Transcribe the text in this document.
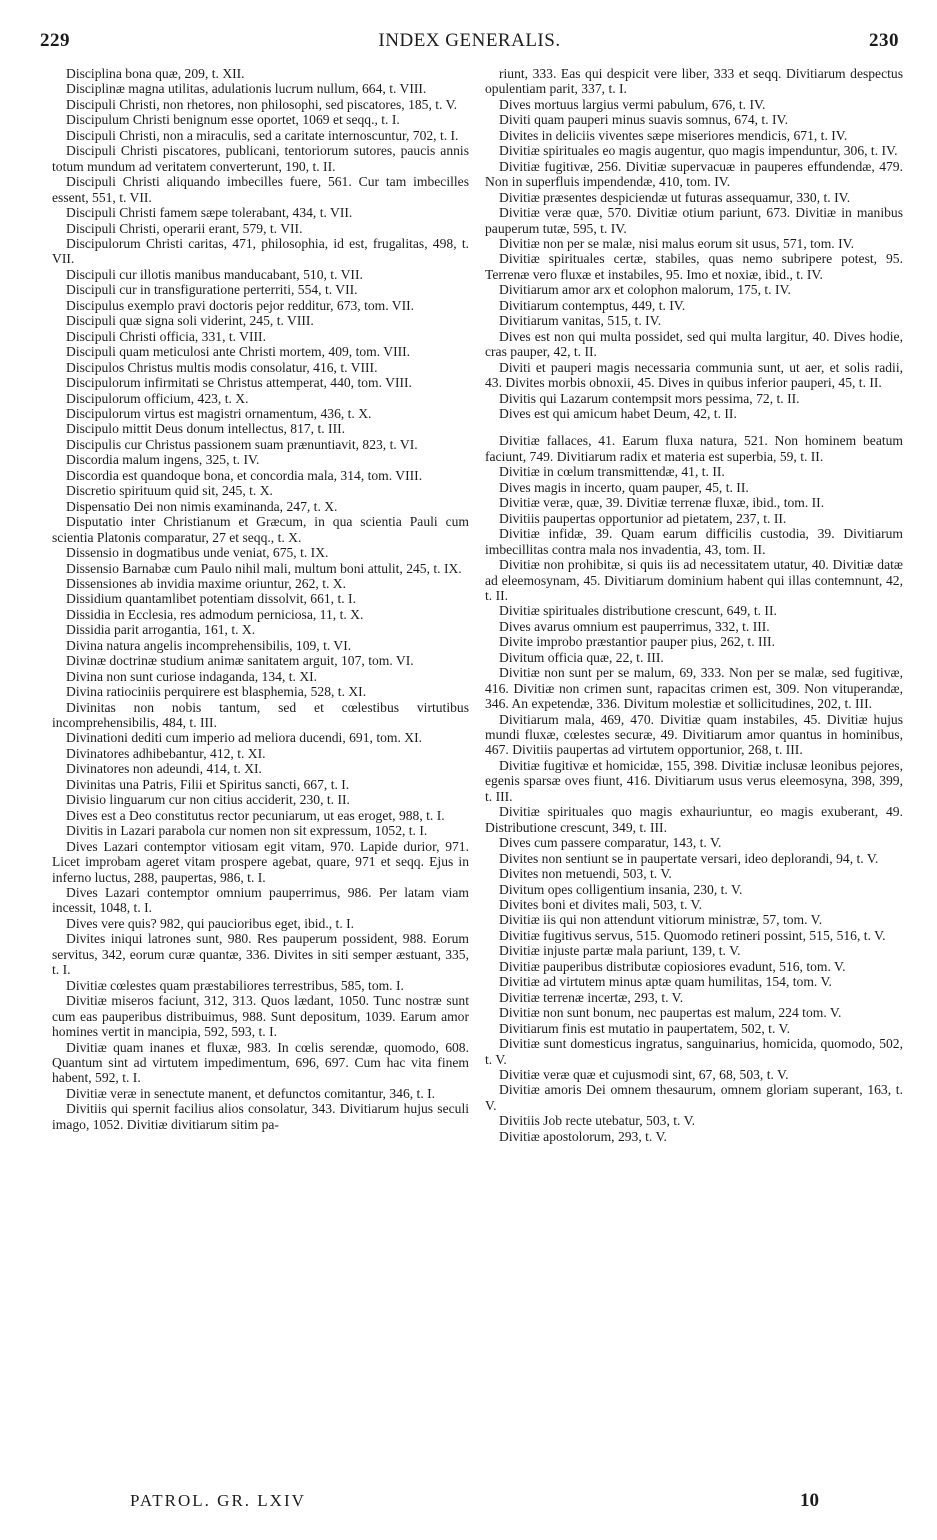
229	INDEX GENERALIS.	230

Disciplina bona quæ, 209, t. XII.

Disciplinæ magna utilitas, adulationis lucrum nullum, 664, t. VIII.

Discipuli Christi, non rhetores, non philosophi, sed piscatores, 185, t. V.

Discipulum Christi benignum esse oportet, 1069 et seqq., t. I.

Discipuli Christi, non a miraculis, sed a caritate internoscuntur, 702, t. I.

Discipuli Christi piscatores, publicani, tentoriorum sutores, paucis annis totum mundum ad veritatem converterunt, 190, t. II.

Discipuli Christi aliquando imbecilles fuere, 561. Cur tam imbecilles essent, 551, t. VII.

Discipuli Christi famem sæpe tolerabant, 434, t. VII.

Discipuli Christi, operarii erant, 579, t. VII.

Discipulorum Christi caritas, 471, philosophia, id est, frugalitas, 498, t. VII.

Discipuli cur illotis manibus manducabant, 510, t. VII.

Discipuli cur in transfiguratione perterriti, 554, t. VII.

Discipulus exemplo pravi doctoris pejor redditur, 673, tom. VII.

Discipuli quæ signa soli viderint, 245, t. VIII.

Discipuli Christi officia, 331, t. VIII.

Discipuli quam meticulosi ante Christi mortem, 409, tom. VIII.

Discipulos Christus multis modis consolatur, 416, t. VIII.

Discipulorum infirmitati se Christus attemperat, 440, tom. VIII.

Discipulorum officium, 423, t. X.

Discipulorum virtus est magistri ornamentum, 436, t. X.

Discipulo mittit Deus donum intellectus, 817, t. III.

Discipulis cur Christus passionem suam prænuntiavit, 823, t. VI.

Discordia malum ingens, 325, t. IV.

Discordia est quandoque bona, et concordia mala, 314, tom. VIII.

Discretio spirituum quid sit, 245, t. X.

Dispensatio Dei non nimis examinanda, 247, t. X.

Disputatio inter Christianum et Græcum, in qua scientia Pauli cum scientia Platonis comparatur, 27 et seqq., t. X.

Dissensio in dogmatibus unde veniat, 675, t. IX.

Dissensio Barnabæ cum Paulo nihil mali, multum boni attulit, 245, t. IX.

Dissensiones ab invidia maxime oriuntur, 262, t. X.

Dissidium quantamlibet potentiam dissolvit, 661, t. I.

Dissidia in Ecclesia, res admodum perniciosa, 11, t. X.

Dissidia parit arrogantia, 161, t. X.

Divina natura angelis incomprehensibilis, 109, t. VI.

Divinæ doctrinæ studium animæ sanitatem arguit, 107, tom. VI.

Divina non sunt curiose indaganda, 134, t. XI.

Divina ratiociniis perquirere est blasphemia, 528, t. XI.

Divinitas non nobis tantum, sed et cœlestibus virtutibus incomprehensibilis, 484, t. III.

Divinationi dediti cum imperio ad meliora ducendi, 691, tom. XI.

Divinatores adhibebantur, 412, t. XI.

Divinatores non adeundi, 414, t. XI.

Divinitas una Patris, Filii et Spiritus sancti, 667, t. I.

Divisio linguarum cur non citius acciderit, 230, t. II.

Dives est a Deo constitutus rector pecuniarum, ut eas eroget, 988, t. I.

Divitis in Lazari parabola cur nomen non sit expressum, 1052, t. I.

Dives Lazari contemptor vitiosam egit vitam, 970. Lapide durior, 971. Licet improbam ageret vitam prospere agebat, quare, 971 et seqq. Ejus in inferno luctus, 288, paupertas, 986, t. I.

Dives Lazari contemptor omnium pauperrimus, 986. Per latam viam incessit, 1048, t. I.

Dives vere quis? 982, qui paucioribus eget, ibid., t. I.

Divites iniqui latrones sunt, 980. Res pauperum possident, 988. Eorum servitus, 342, eorum curæ quantæ, 336. Divites in siti semper æstuant, 335, t. I.

Divitiæ cœlestes quam præstabiliores terrestribus, 585, tom. I.

Divitiæ miseros faciunt, 312, 313. Quos lædant, 1050. Tunc nostræ sunt cum eas pauperibus distribuimus, 988. Sunt depositum, 1039. Earum amor homines vertit in mancipia, 592, 593, t. I.

Divitiæ quam inanes et fluxæ, 983. In cœlis serendæ, quomodo, 608. Quantum sint ad virtutem impedimentum, 696, 697. Cum hac vita finem habent, 592, t. I.

Divitiæ veræ in senectute manent, et defunctos comitantur, 346, t. I.

Divitiis qui spernit facilius alios consolatur, 343. Divitiarum hujus seculi imago, 1052. Divitiæ divitiarum sitim pa-

riunt, 333. Eas qui despicit vere liber, 333 et seqq. Divitiarum despectus opulentiam parit, 337, t. I.

Dives mortuus largius vermi pabulum, 676, t. IV.

Diviti quam pauperi minus suavis somnus, 674, t. IV.

Divites in deliciis viventes sæpe miseriores mendicis, 671, t. IV.

Divitiæ spirituales eo magis augentur, quo magis impenduntur, 306, t. IV.

Divitiæ fugitivæ, 256. Divitiæ supervacuæ in pauperes effundendæ, 479. Non in superfluis impendendæ, 410, tom. IV.

Divitiæ præsentes despiciendæ ut futuras assequamur, 330, t. IV.

Divitiæ veræ quæ, 570. Divitiæ otium pariunt, 673. Divitiæ in manibus pauperum tutæ, 595, t. IV.

Divitiæ non per se malæ, nisi malus eorum sit usus, 571, tom. IV.

Divitiæ spirituales certæ, stabiles, quas nemo subripere potest, 95. Terrenæ vero fluxæ et instabiles, 95. Imo et noxiæ, ibid., t. IV.

Divitiarum amor arx et colophon malorum, 175, t. IV.

Divitiarum contemptus, 449, t. IV.

Divitiarum vanitas, 515, t. IV.

Dives est non qui multa possidet, sed qui multa largitur, 40. Dives hodie, cras pauper, 42, t. II.

Diviti et pauperi magis necessaria communia sunt, ut aer, et solis radii, 43. Divites morbis obnoxii, 45. Dives in quibus inferior pauperi, 45, t. II.

Divitis qui Lazarum contempsit mors pessima, 72, t. II.

Dives est qui amicum habet Deum, 42, t. II.

Divitiæ fallaces, 41. Earum fluxa natura, 521. Non hominem beatum faciunt, 749. Divitiarum radix et materia est superbia, 59, t. II.

Divitiæ in cœlum transmittendæ, 41, t. II.

Dives magis in incerto, quam pauper, 45, t. II.

Divitiæ veræ, quæ, 39. Divitiæ terrenæ fluxæ, ibid., tom. II.

Divitiis paupertas opportunior ad pietatem, 237, t. II.

Divitiæ infidæ, 39. Quam earum difficilis custodia, 39. Divitiarum imbecillitas contra mala nos invadentia, 43, tom. II.

Divitiæ non prohibitæ, si quis iis ad necessitatem utatur, 40. Divitiæ datæ ad eleemosynam, 45. Divitiarum dominium habent qui illas contemnunt, 42, t. II.

Divitiæ spirituales distributione crescunt, 649, t. II.

Dives avarus omnium est pauperrimus, 332, t. III.

Divite improbo præstantior pauper pius, 262, t. III.

Divitum officia quæ, 22, t. III.

Divitiæ non sunt per se malum, 69, 333. Non per se malæ, sed fugitivæ, 416. Divitiæ non crimen sunt, rapacitas crimen est, 309. Non vituperandæ, 346. An expetendæ, 336. Divitum molestiæ et sollicitudines, 202, t. III.

Divitiarum mala, 469, 470. Divitiæ quam instabiles, 45. Divitiæ hujus mundi fluxæ, cœlestes securæ, 49. Divitiarum amor quantus in hominibus, 467. Divitiis paupertas ad virtutem opportunior, 268, t. III.

Divitiæ fugitivæ et homicidæ, 155, 398. Divitiæ inclusæ leonibus pejores, egenis sparsæ oves fiunt, 416. Divitiarum usus verus eleemosyna, 398, 399, t. III.

Divitiæ spirituales quo magis exhauriuntur, eo magis exuberant, 49. Distributione crescunt, 349, t. III.

Dives cum passere comparatur, 143, t. V.

Divites non sentiunt se in paupertate versari, ideo deplorandi, 94, t. V.

Divites non metuendi, 503, t. V.

Divitum opes colligentium insania, 230, t. V.

Divites boni et divites mali, 503, t. V.

Divitiæ iis qui non attendunt vitiorum ministræ, 57, tom. V.

Divitiæ fugitivus servus, 515. Quomodo retineri possint, 515, 516, t. V.

Divitiæ injuste partæ mala pariunt, 139, t. V.

Divitiæ pauperibus distributæ copiosiores evadunt, 516, tom. V.

Divitiæ ad virtutem minus aptæ quam humilitas, 154, tom. V.

Divitiæ terrenæ incertæ, 293, t. V.

Divitiæ non sunt bonum, nec paupertas est malum, 224 tom. V.

Divitiarum finis est mutatio in paupertatem, 502, t. V.

Divitiæ sunt domesticus ingratus, sanguinarius, homicida, quomodo, 502, t. V.

Divitiæ veræ quæ et cujusmodi sint, 67, 68, 503, t. V.

Divitiæ amoris Dei omnem thesaurum, omnem gloriam superant, 163, t. V.

Divitiis Job recte utebatur, 503, t. V.

Divitiæ apostolorum, 293, t. V.

PATROL. GR. LXIV	10
